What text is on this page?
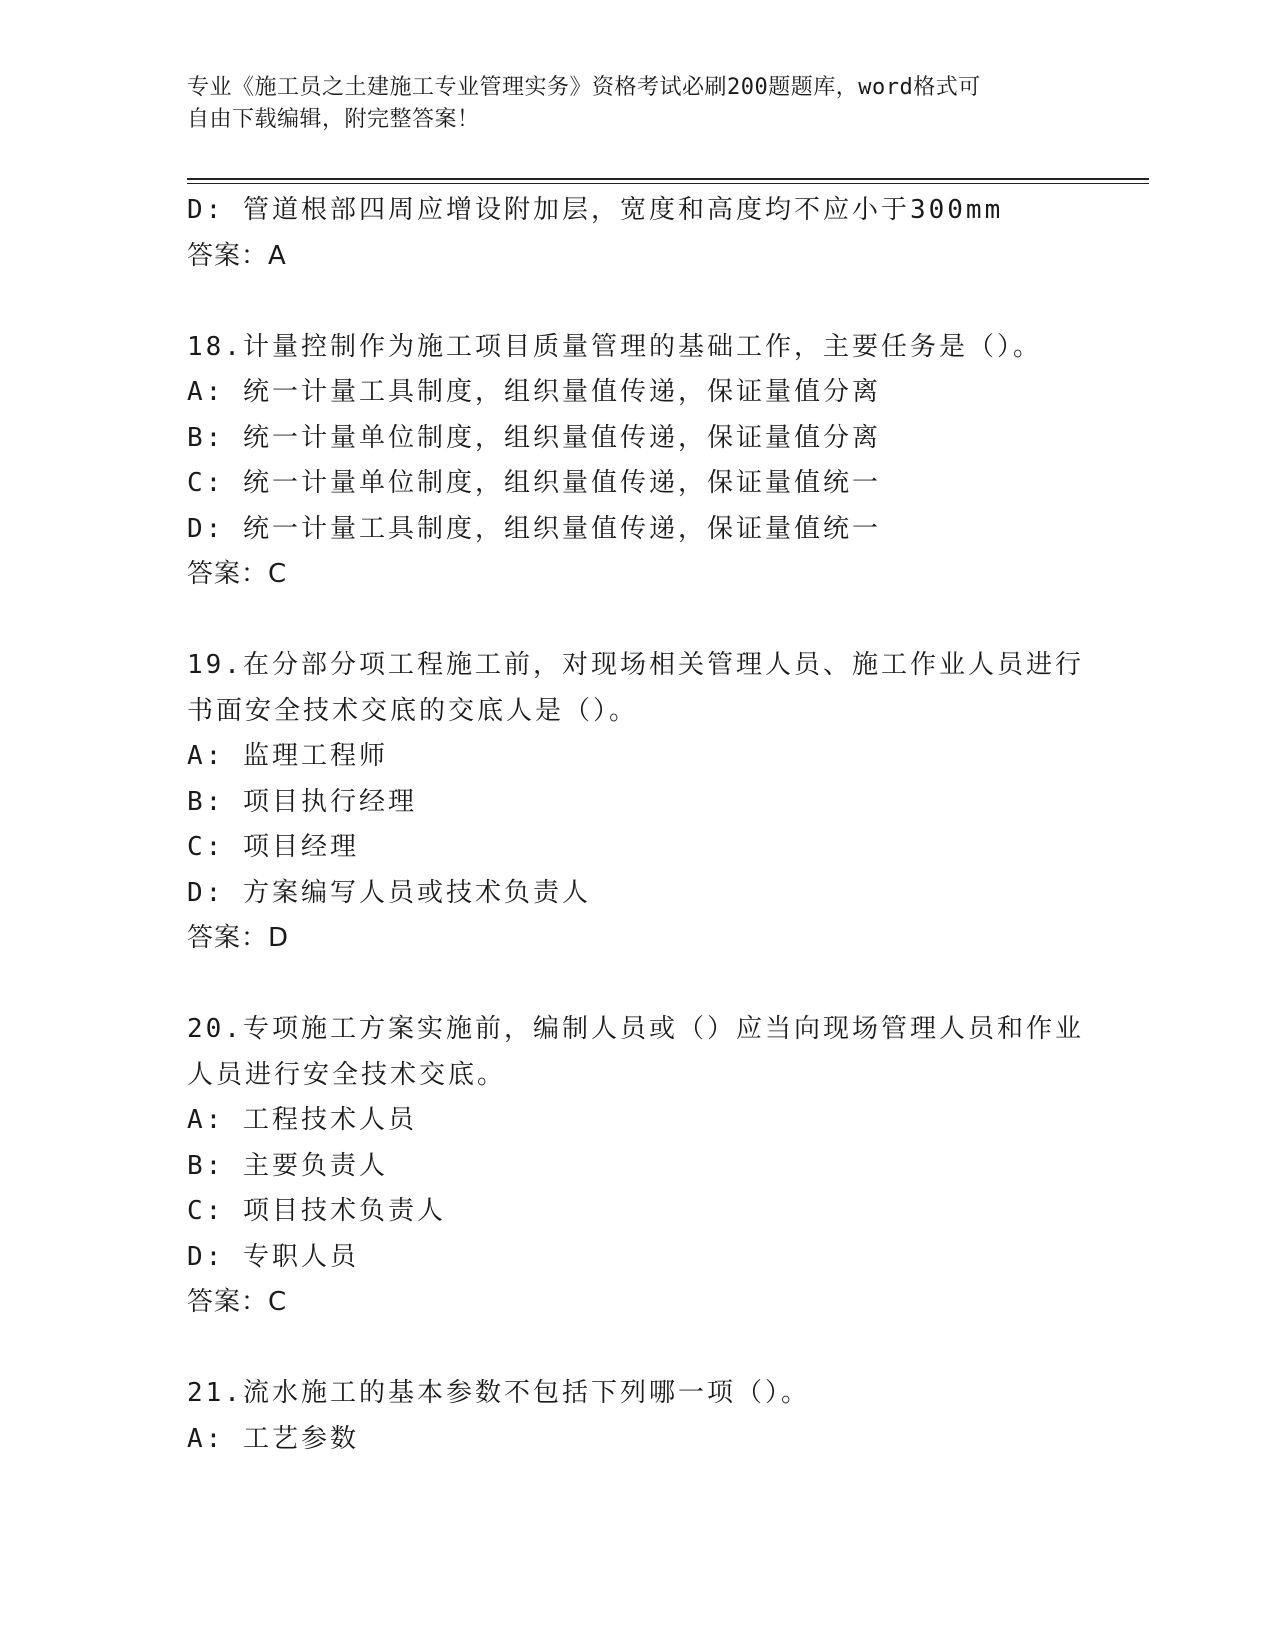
专业《施工员之土建施工专业管理实务》资格考试必刷200题题库，word格式可
自由下载编辑，附完整答案！
D: 管道根部四周应增设附加层，宽度和高度均不应小于300mm
答案：A
18.计量控制作为施工项目质量管理的基础工作，主要任务是（）。
A: 统一计量工具制度，组织量值传递，保证量值分离
B: 统一计量单位制度，组织量值传递，保证量值分离
C: 统一计量单位制度，组织量值传递，保证量值统一
D: 统一计量工具制度，组织量值传递，保证量值统一
答案：C
19.在分部分项工程施工前，对现场相关管理人员、施工作业人员进行
书面安全技术交底的交底人是（）。
A: 监理工程师
B: 项目执行经理
C: 项目经理
D: 方案编写人员或技术负责人
答案：D
20.专项施工方案实施前，编制人员或（）应当向现场管理人员和作业
人员进行安全技术交底。
A: 工程技术人员
B: 主要负责人
C: 项目技术负责人
D: 专职人员
答案：C
21.流水施工的基本参数不包括下列哪一项（）。
A: 工艺参数
